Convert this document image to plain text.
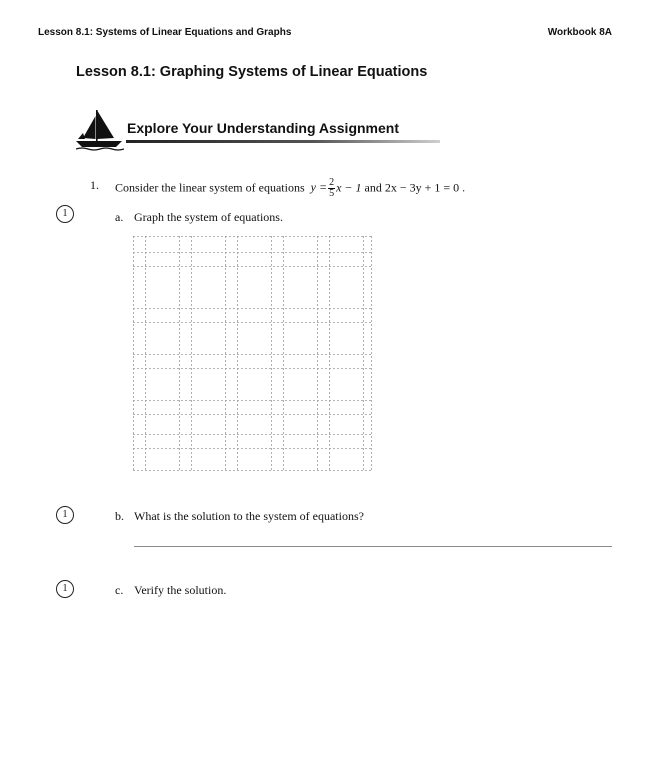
Lesson 8.1: Systems of Linear Equations and Graphs	Workbook 8A
Lesson 8.1: Graphing Systems of Linear Equations
Explore Your Understanding Assignment
1. Consider the linear system of equations $y = \frac{2}{5}$ x − 1 and 2x − 3y + 1 = 0 .
1	a. Graph the system of equations.
1	b. What is the solution to the system of equations?
1	c. Verify the solution.
